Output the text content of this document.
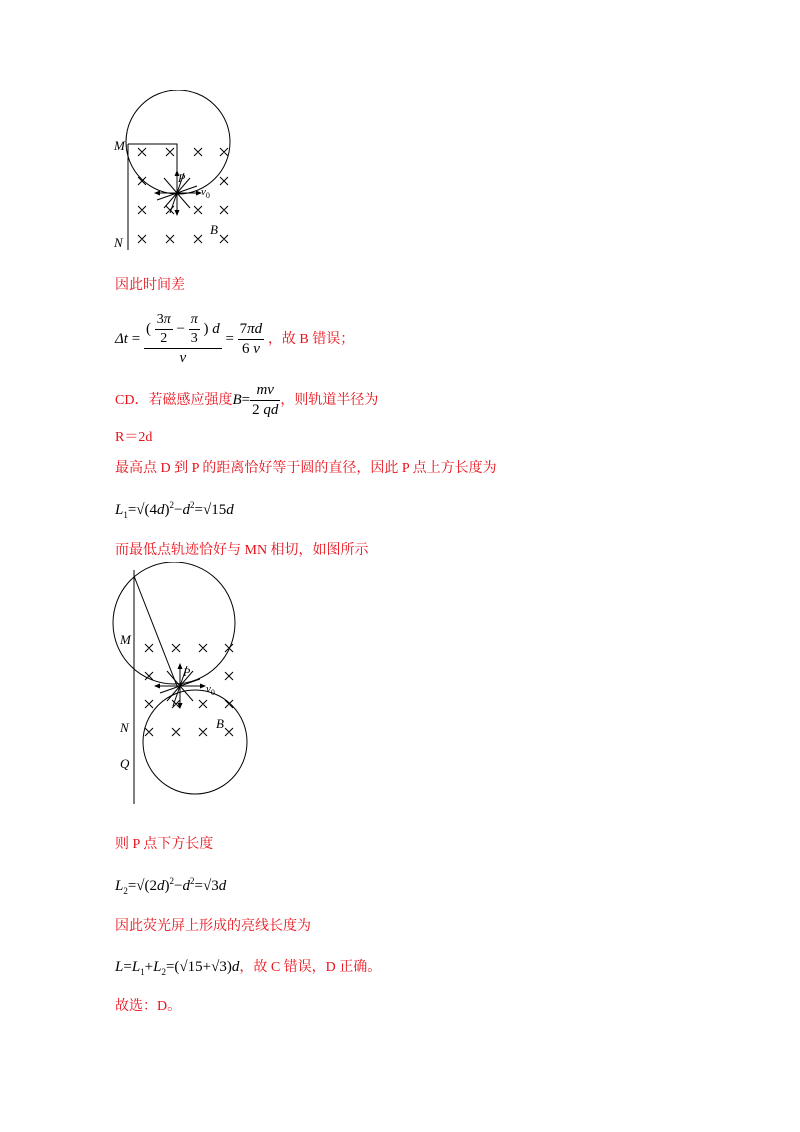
M
N
P
$v_0$
B
因此时间差
$\Delta t = \frac{( \frac{3\pi}{2} - \frac{\pi}{3} ) d}{v} = \frac{7\pi d}{6 v}$ ，故 B 错误；
CD．若磁感应强度$B= \frac{mv}{2 qd}$ ，则轨道半径为
R＝2d
最高点 D 到 P 的距离恰好等于圆的直径，因此 P 点上方长度为
$L_1=√(4d)^2-d^2=√15d$
而最低点轨迹恰好与 MN 相切，如图所示
M
N
Q
P
$v_0$
B
则 P 点下方长度
$L_2=√(2d)^2-d^2=√3d$
因此荧光屏上形成的亮线长度为
$L=L_1+L_2=(√15+√3)d$，故 C 错误，D 正确。
故选：D。
